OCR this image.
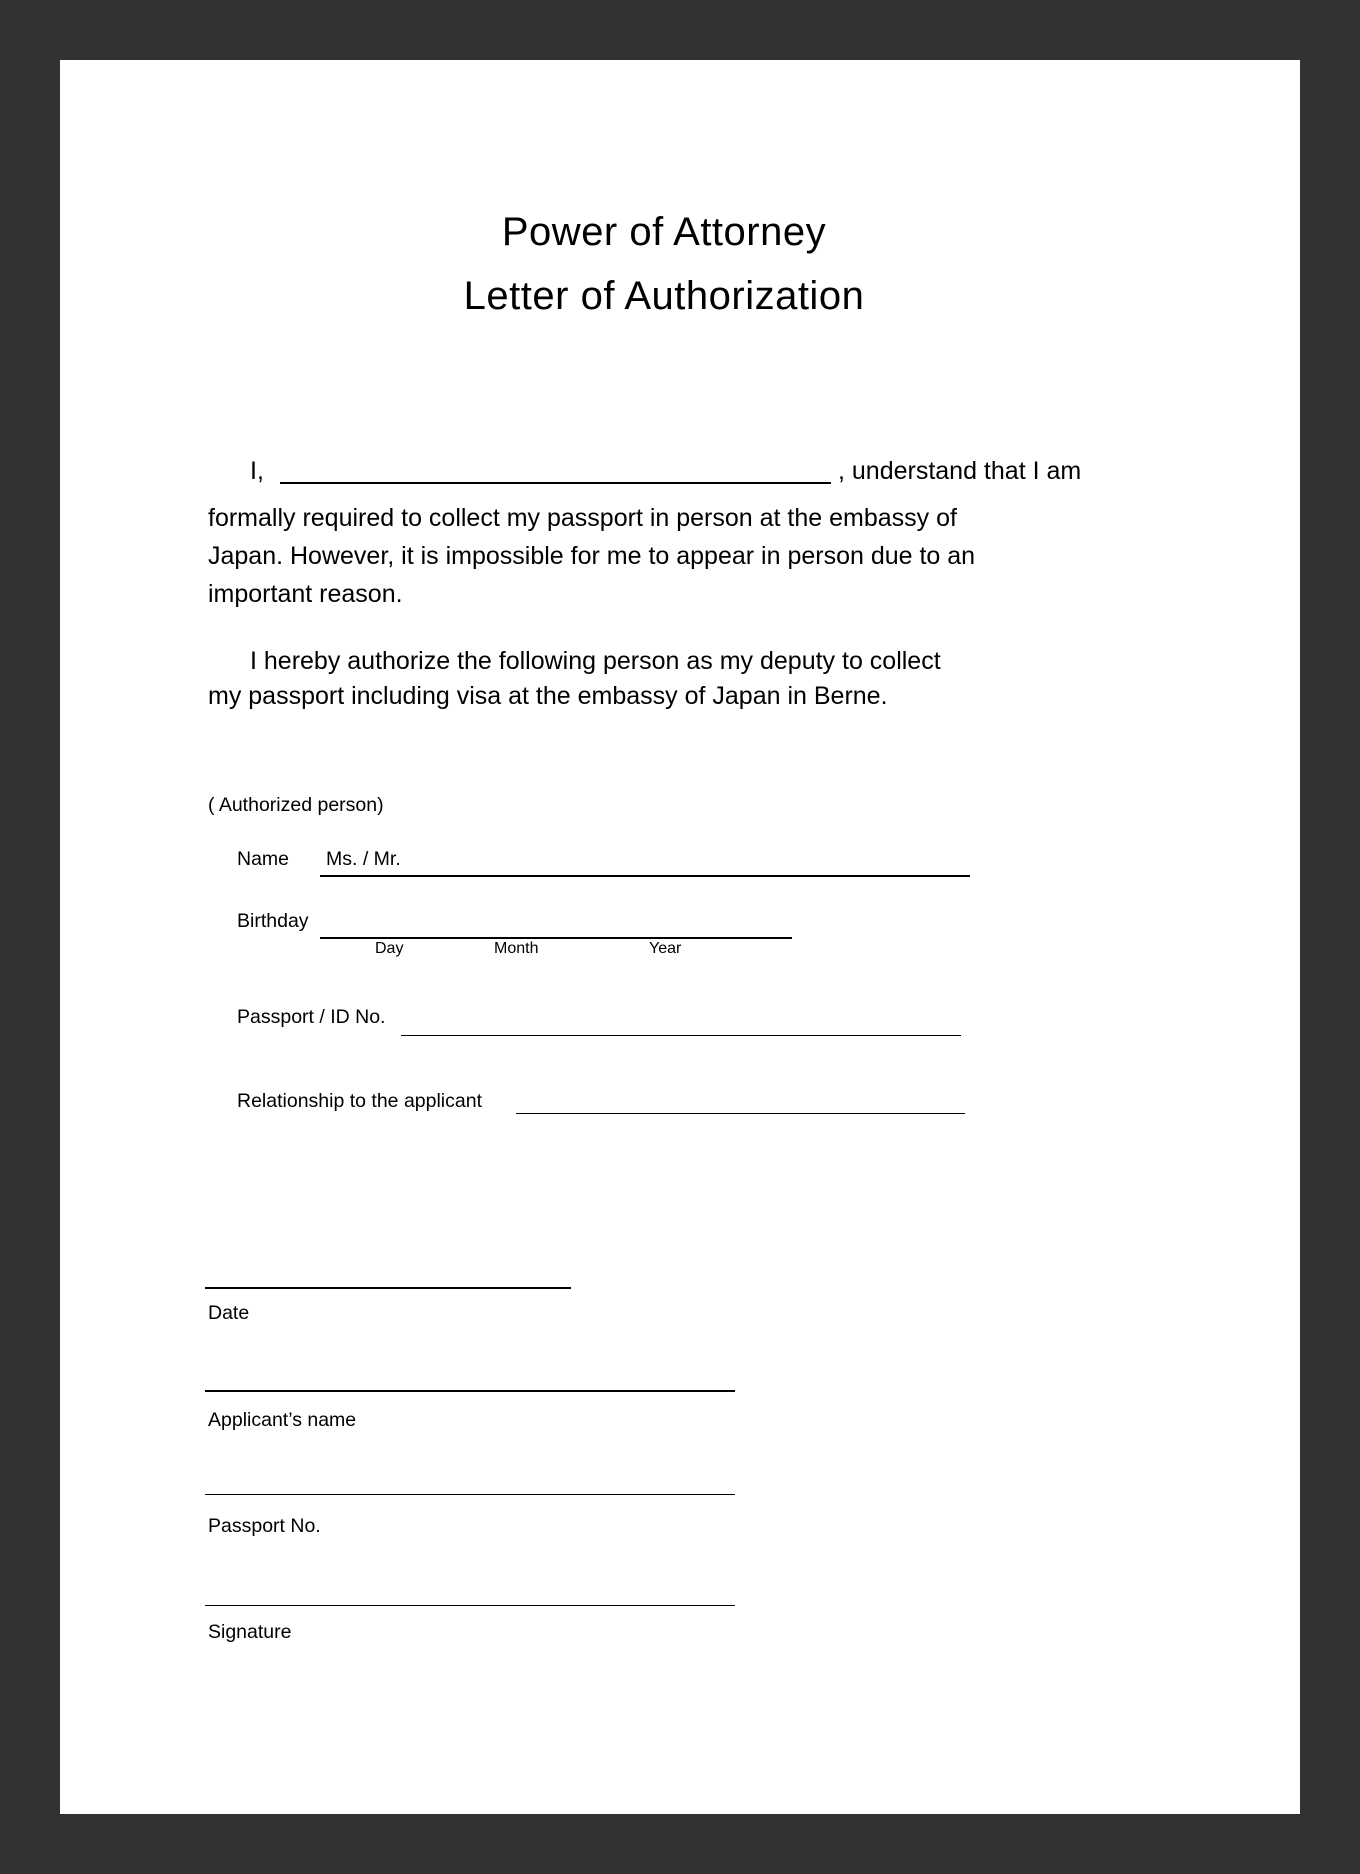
Power of Attorney
Letter of Authorization
I,	, understand that I am
formally required to collect my passport in person at the embassy of
Japan. However, it is impossible for me to appear in person due to an
important reason.
I hereby authorize the following person as my deputy to collect
my passport including visa at the embassy of Japan in Berne.
( Authorized person)
Name Ms. / Mr.
Birthday
Day	Month	Year
Passport / ID No.
Relationship to the applicant
Date
Applicant’s name
Passport No.
Signature
